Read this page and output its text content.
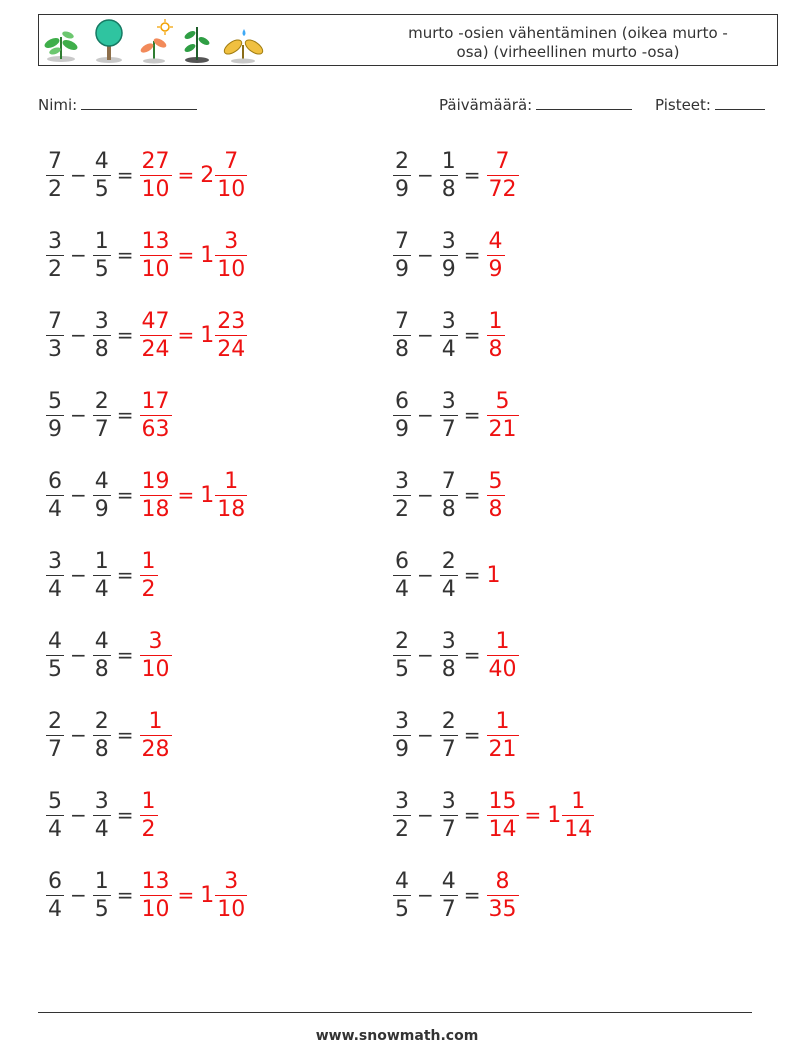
murto -osien vähentäminen (oikea murto -
osa) (virheellinen murto -osa)
Nimi:	Päivämäärä:	Pisteet:
$\frac{7}{2} - \frac{4}{5} = \frac{27}{10} = 2 \frac{7}{10}$	$\frac{2}{9} - \frac{1}{8} = \frac{7}{72}$
$\frac{3}{2} - \frac{1}{5} = \frac{13}{10} = 1 \frac{3}{10}$	$\frac{7}{9} - \frac{3}{9} = \frac{4}{9}$
$\frac{7}{3} - \frac{3}{8} = \frac{47}{24} = 1 \frac{23}{24}$	$\frac{7}{8} - \frac{3}{4} = \frac{1}{8}$
$\frac{5}{9} - \frac{2}{7} = \frac{17}{63}$	$\frac{6}{9} - \frac{3}{7} = \frac{5}{21}$
$\frac{6}{4} - \frac{4}{9} = \frac{19}{18} = 1 \frac{1}{18}$	$\frac{3}{2} - \frac{7}{8} = \frac{5}{8}$
$\frac{3}{4} - \frac{1}{4} = \frac{1}{2}$	$\frac{6}{4} - \frac{2}{4} = 1$
$\frac{4}{5} - \frac{4}{8} = \frac{3}{10}$	$\frac{2}{5} - \frac{3}{8} = \frac{1}{40}$
$\frac{2}{7} - \frac{2}{8} = \frac{1}{28}$	$\frac{3}{9} - \frac{2}{7} = \frac{1}{21}$
$\frac{5}{4} - \frac{3}{4} = \frac{1}{2}$	$\frac{3}{2} - \frac{3}{7} = \frac{15}{14} = 1 \frac{1}{14}$
$\frac{6}{4} - \frac{1}{5} = \frac{13}{10} = 1 \frac{3}{10}$	$\frac{4}{5} - \frac{4}{7} = \frac{8}{35}$
www.snowmath.com
